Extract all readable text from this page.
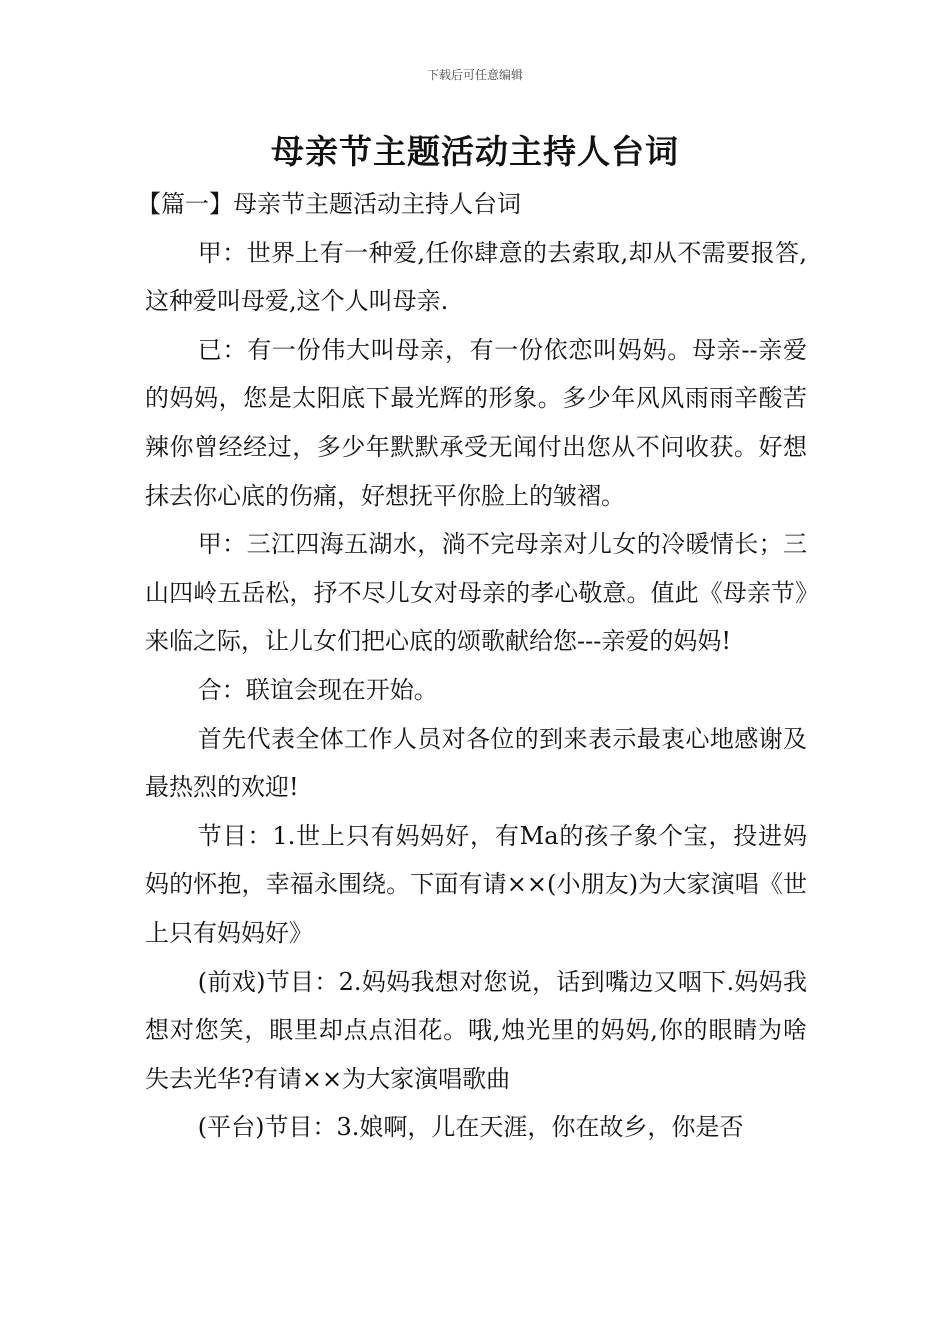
下载后可任意编辑
母亲节主题活动主持人台词

【篇一】母亲节主题活动主持人台词

甲：世界上有一种爱,任你肆意的去索取,却从不需要报答,这种爱叫母爱,这个人叫母亲.

已：有一份伟大叫母亲，有一份依恋叫妈妈。母亲--亲爱的妈妈，您是太阳底下最光辉的形象。多少年风风雨雨辛酸苦辣你曾经经过，多少年默默承受无闻付出您从不问收获。好想抹去你心底的伤痛，好想抚平你脸上的皱褶。

甲：三江四海五湖水，淌不完母亲对儿女的冷暖情长；三山四岭五岳松，抒不尽儿女对母亲的孝心敬意。值此《母亲节》来临之际，让儿女们把心底的颂歌献给您---亲爱的妈妈!

合：联谊会现在开始。

首先代表全体工作人员对各位的到来表示最衷心地感谢及最热烈的欢迎!

节目：1.世上只有妈妈好，有Ma的孩子象个宝，投进妈妈的怀抱，幸福永围绕。下面有请××(小朋友)为大家演唱《世上只有妈妈好》

(前戏)节目：2.妈妈我想对您说，话到嘴边又咽下.妈妈我想对您笑，眼里却点点泪花。哦,烛光里的妈妈,你的眼睛为啥失去光华?有请××为大家演唱歌曲

(平台)节目：3.娘啊，儿在天涯，你在故乡，你是否
